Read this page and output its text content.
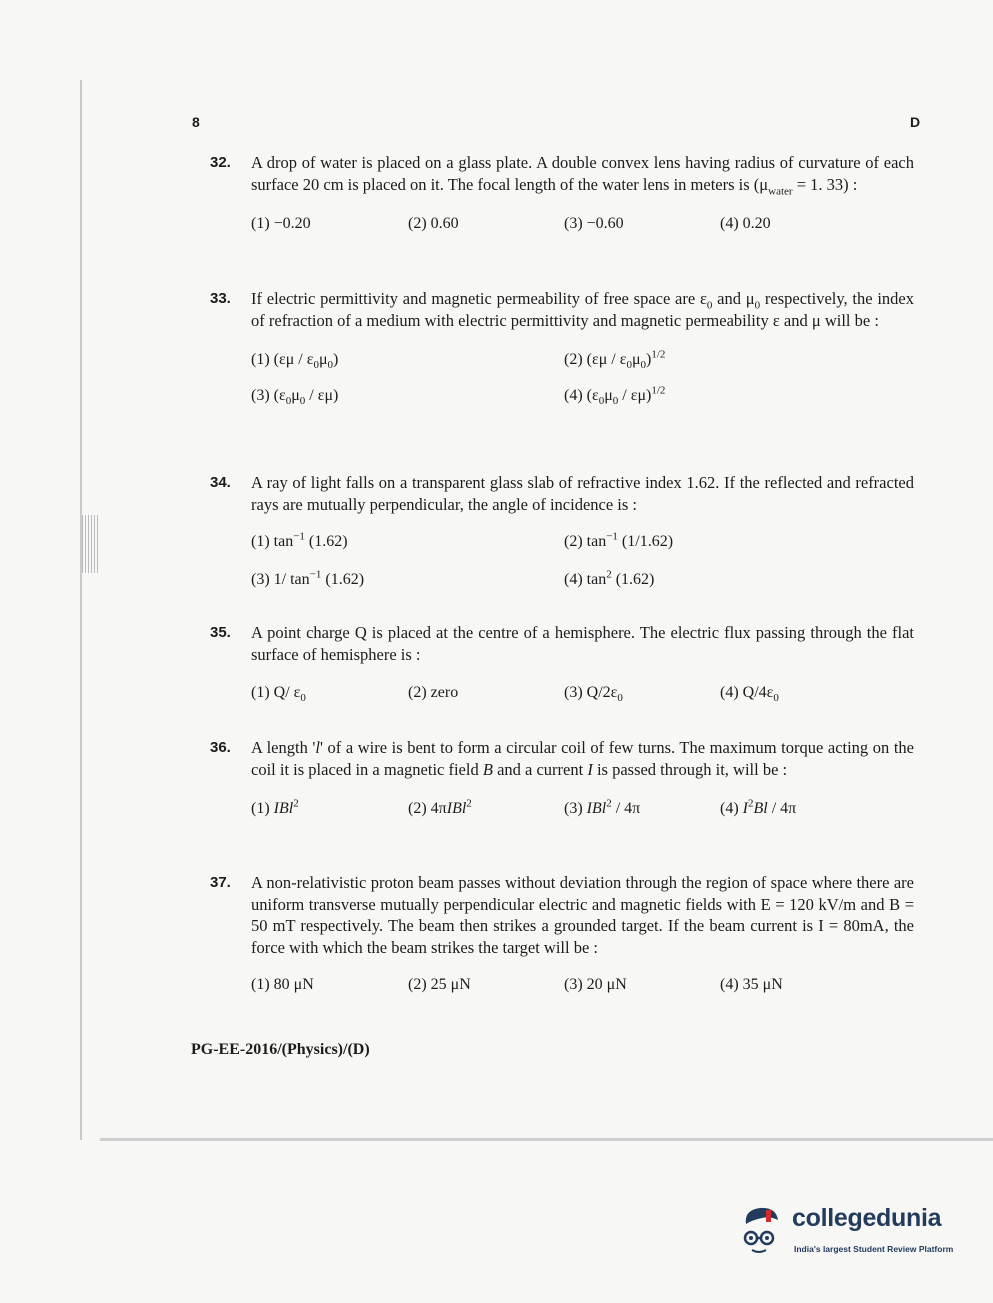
8	D
32. A drop of water is placed on a glass plate. A double convex lens having radius of curvature of each surface 20 cm is placed on it. The focal length of the water lens in meters is ($\mu_{water} = 1$. 33) :
(1) −0.20	(2) 0.60	(3) −0.60	(4) 0.20
33. If electric permittivity and magnetic permeability of free space are $\varepsilon_0$ and $\mu_0$ respectively, the index of refraction of a medium with electric permittivity and magnetic permeability ε and μ will be :
(1) $(\varepsilon\mu / \varepsilon_0\mu_0)$	(2) $(\varepsilon\mu / \varepsilon_0\mu_0)^{1/2}$
(3) $(\varepsilon_0\mu_0 / \varepsilon\mu)$	(4) $(\varepsilon_0\mu_0 / \varepsilon\mu)^{1/2}$
34. A ray of light falls on a transparent glass slab of refractive index 1.62. If the reflected and refracted rays are mutually perpendicular, the angle of incidence is :
(1) $\tan^{-1} (1.62)$	(2) $\tan^{-1} (1/1.62)$
(3) 1/ $\tan^{-1} (1.62)$	(4) $\tan^2 (1.62)$
35. A point charge Q is placed at the centre of a hemisphere. The electric flux passing through the flat surface of hemisphere is :
(1) Q/ $\varepsilon_0$	(2) zero	(3) $Q/2\varepsilon_0$	(4) $Q/4\varepsilon_0$
36. A length 'l' of a wire is bent to form a circular coil of few turns. The maximum torque acting on the coil it is placed in a magnetic field B and a current I is passed through it, will be :
(1) IBl$^2$	(2) 4πIBl$^2$	(3) IBl$^2$ / 4π	(4) $I^2Bl / 4\pi$
37. A non-relativistic proton beam passes without deviation through the region of space where there are uniform transverse mutually perpendicular electric and magnetic fields with E = 120 kV/m and B = 50 mT respectively. The beam then strikes a grounded target. If the beam current is I = 80mA, the force with which the beam strikes the target will be :
(1) 80 μN	(2) 25 μN	(3) 20 μN	(4) 35 μN
PG-EE-2016/(Physics)/(D)
collegedunia
India's largest Student Review Platform
